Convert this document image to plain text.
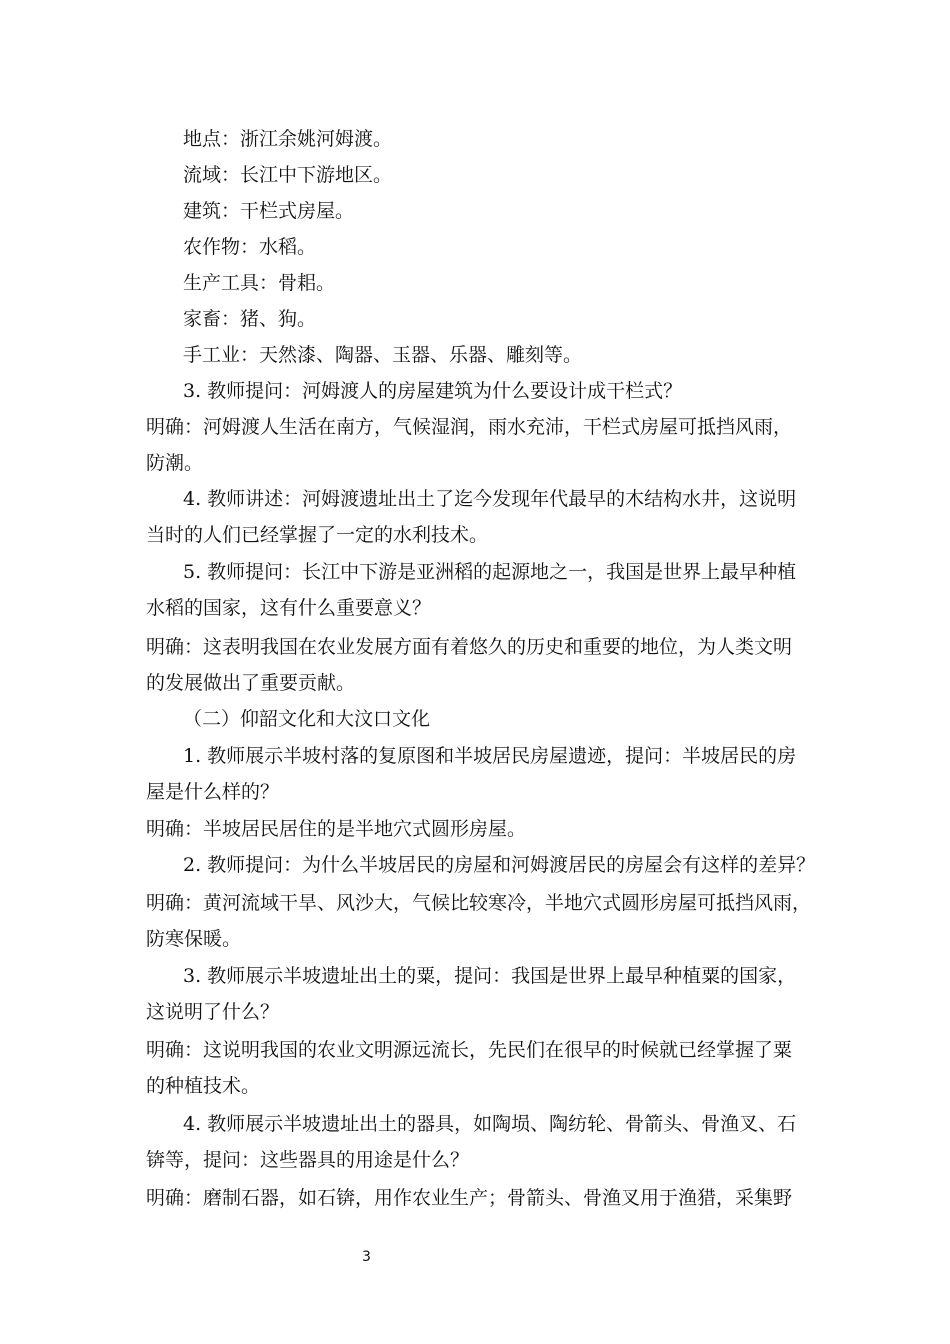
地点：浙江余姚河姆渡。
流域：长江中下游地区。
建筑：干栏式房屋。
农作物：水稻。
生产工具：骨耜。
家畜：猪、狗。
手工业：天然漆、陶器、玉器、乐器、雕刻等。
3. 教师提问：河姆渡人的房屋建筑为什么要设计成干栏式？
明确：河姆渡人生活在南方，气候湿润，雨水充沛，干栏式房屋可抵挡风雨，
防潮。
4. 教师讲述：河姆渡遗址出土了迄今发现年代最早的木结构水井，这说明
当时的人们已经掌握了一定的水利技术。
5. 教师提问：长江中下游是亚洲稻的起源地之一，我国是世界上最早种植
水稻的国家，这有什么重要意义？
明确：这表明我国在农业发展方面有着悠久的历史和重要的地位，为人类文明
的发展做出了重要贡献。
（二）仰韶文化和大汶口文化
1. 教师展示半坡村落的复原图和半坡居民房屋遗迹，提问：半坡居民的房
屋是什么样的？
明确：半坡居民居住的是半地穴式圆形房屋。
2. 教师提问：为什么半坡居民的房屋和河姆渡居民的房屋会有这样的差异？
明确：黄河流域干旱、风沙大，气候比较寒冷，半地穴式圆形房屋可抵挡风雨，
防寒保暖。
3. 教师展示半坡遗址出土的粟，提问：我国是世界上最早种植粟的国家，
这说明了什么？
明确：这说明我国的农业文明源远流长，先民们在很早的时候就已经掌握了粟
的种植技术。
4. 教师展示半坡遗址出土的器具，如陶埙、陶纺轮、骨箭头、骨渔叉、石
锛等，提问：这些器具的用途是什么？
明确：磨制石器，如石锛，用作农业生产；骨箭头、骨渔叉用于渔猎，采集野
3
